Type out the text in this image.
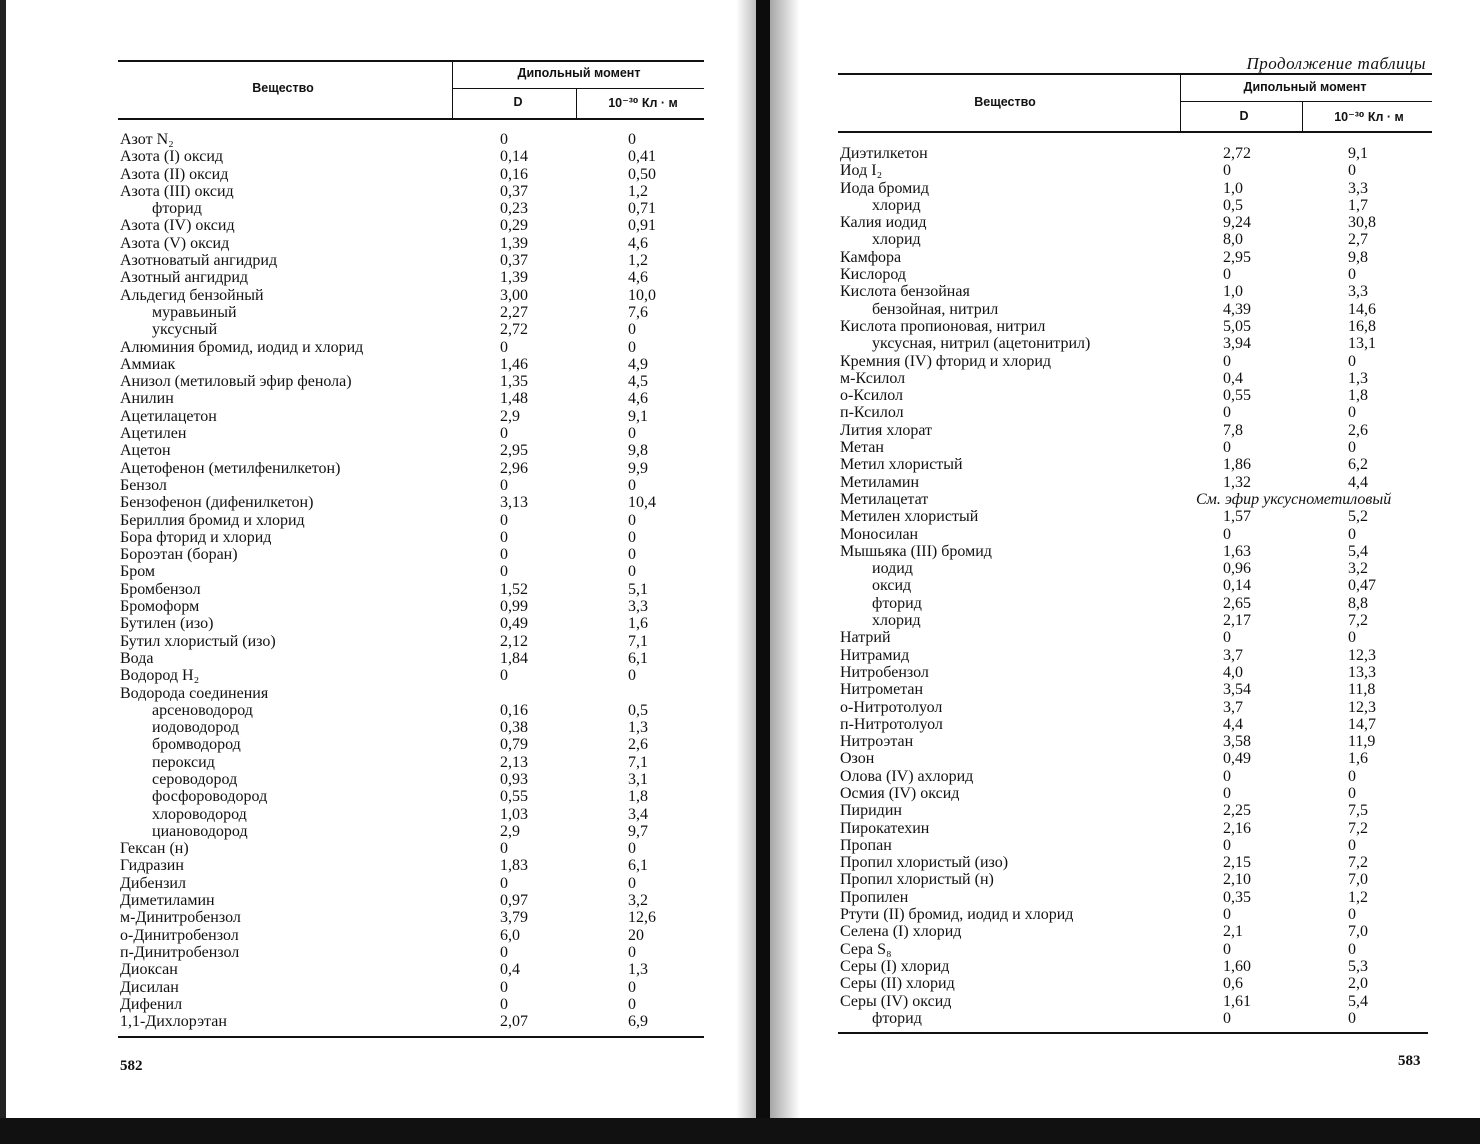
Вещество
Дипольный момент
D	10⁻³⁰ Кл · м
Азот N₂	0	0
Азота (I) оксид	0,14	0,41
Азота (II) оксид	0,16	0,50
Азота (III) оксид	0,37	1,2
фторид	0,23	0,71
Азота (IV) оксид	0,29	0,91
Азота (V) оксид	1,39	4,6
Азотноватый ангидрид	0,37	1,2
Азотный ангидрид	1,39	4,6
Альдегид бензойный	3,00	10,0
муравьиный	2,27	7,6
уксусный	2,72	0
Алюминия бромид, иодид и хлорид	0	0
Аммиак	1,46	4,9
Анизол (метиловый эфир фенола)	1,35	4,5
Анилин	1,48	4,6
Ацетилацетон	2,9	9,1
Ацетилен	0	0
Ацетон	2,95	9,8
Ацетофенон (метилфенилкетон)	2,96	9,9
Бензол	0	0
Бензофенон (дифенилкетон)	3,13	10,4
Бериллия бромид и хлорид	0	0
Бора фторид и хлорид	0	0
Бороэтан (боран)	0	0
Бром	0	0
Бромбензол	1,52	5,1
Бромоформ	0,99	3,3
Бутилен (изо)	0,49	1,6
Бутил хлористый (изо)	2,12	7,1
Вода	1,84	6,1
Водород H₂	0	0
Водорода соединения
арсеноводород	0,16	0,5
иодоводород	0,38	1,3
бромводород	0,79	2,6
пероксид	2,13	7,1
сероводород	0,93	3,1
фосфороводород	0,55	1,8
хлороводород	1,03	3,4
циановодород	2,9	9,7
Гексан (н)	0	0
Гидразин	1,83	6,1
Дибензил	0	0
Диметиламин	0,97	3,2
м-Динитробензол	3,79	12,6
о-Динитробензол	6,0	20
п-Динитробензол	0	0
Диоксан	0,4	1,3
Дисилан	0	0
Дифенил	0	0
1,1-Дихлорэтан	2,07	6,9
582
Продолжение таблицы
Вещество
Дипольный момент
D	10⁻³⁰ Кл · м
Диэтилкетон	2,72	9,1
Иод I₂	0	0
Иода бромид	1,0	3,3
хлорид	0,5	1,7
Калия иодид	9,24	30,8
хлорид	8,0	2,7
Камфора	2,95	9,8
Кислород	0	0
Кислота бензойная	1,0	3,3
бензойная, нитрил	4,39	14,6
Кислота пропионовая, нитрил	5,05	16,8
уксусная, нитрил (ацетонитрил)	3,94	13,1
Кремния (IV) фторид и хлорид	0	0
м-Ксилол	0,4	1,3
о-Ксилол	0,55	1,8
п-Ксилол	0	0
Лития хлорат	7,8	2,6
Метан	0	0
Метил хлористый	1,86	6,2
Метиламин	1,32	4,4
Метилацетат	См. эфир уксуснометиловый
Метилен хлористый	1,57	5,2
Моносилан	0	0
Мышьяка (III) бромид	1,63	5,4
иодид	0,96	3,2
оксид	0,14	0,47
фторид	2,65	8,8
хлорид	2,17	7,2
Натрий	0	0
Нитрамид	3,7	12,3
Нитробензол	4,0	13,3
Нитрометан	3,54	11,8
о-Нитротолуол	3,7	12,3
п-Нитротолуол	4,4	14,7
Нитроэтан	3,58	11,9
Озон	0,49	1,6
Олова (IV) ахлорид	0	0
Осмия (IV) оксид	0	0
Пиридин	2,25	7,5
Пирокатехин	2,16	7,2
Пропан	0	0
Пропил хлористый (изо)	2,15	7,2
Пропил хлористый (н)	2,10	7,0
Пропилен	0,35	1,2
Ртути (II) бромид, иодид и хлорид	0	0
Селена (I) хлорид	2,1	7,0
Сера S₈	0	0
Серы (I) хлорид	1,60	5,3
Серы (II) хлорид	0,6	2,0
Серы (IV) оксид	1,61	5,4
фторид	0	0
583
